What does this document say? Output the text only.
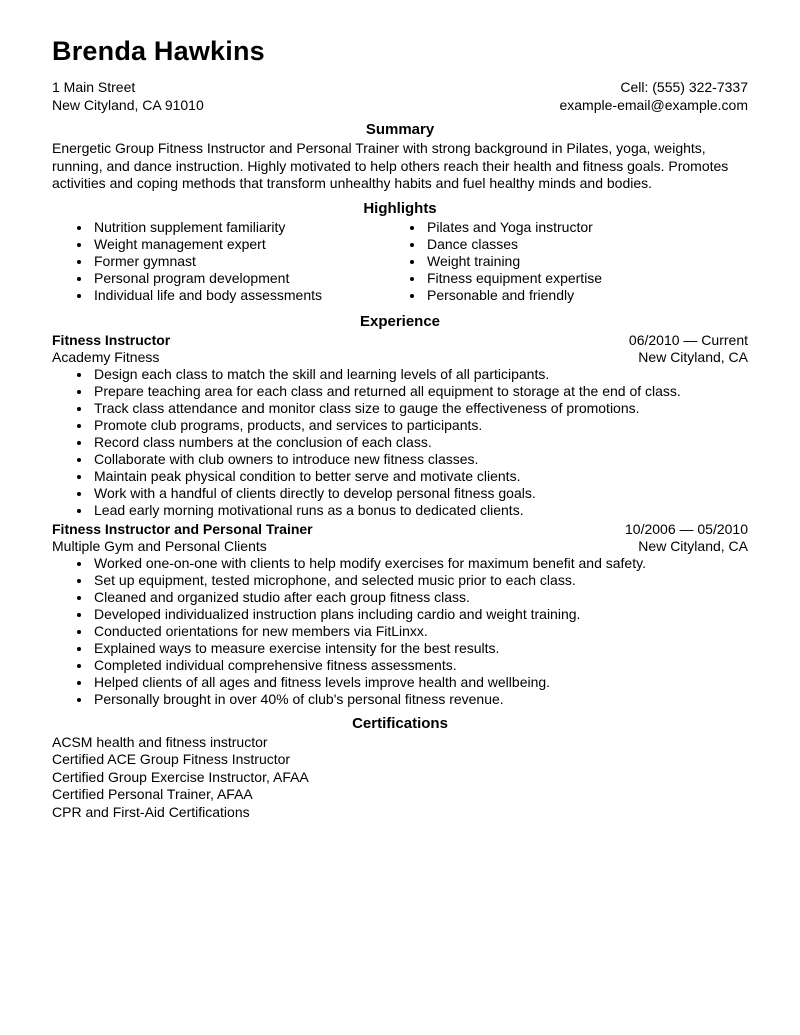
Brenda Hawkins
1 Main Street
New Cityland, CA 91010
Cell: (555) 322-7337
example-email@example.com
Summary

Energetic Group Fitness Instructor and Personal Trainer with strong background in Pilates, yoga, weights, running, and dance instruction. Highly motivated to help others reach their health and fitness goals. Promotes activities and coping methods that transform unhealthy habits and fuel healthy minds and bodies.

Highlights
• Nutrition supplement familiarity
• Weight management expert
• Former gymnast
• Personal program development
• Individual life and body assessments
• Pilates and Yoga instructor
• Dance classes
• Weight training
• Fitness equipment expertise
• Personable and friendly
Experience
Fitness Instructor	06/2010 — Current
Academy Fitness	New Cityland, CA
• Design each class to match the skill and learning levels of all participants.
• Prepare teaching area for each class and returned all equipment to storage at the end of class.
• Track class attendance and monitor class size to gauge the effectiveness of promotions.
• Promote club programs, products, and services to participants.
• Record class numbers at the conclusion of each class.
• Collaborate with club owners to introduce new fitness classes.
• Maintain peak physical condition to better serve and motivate clients.
• Work with a handful of clients directly to develop personal fitness goals.
• Lead early morning motivational runs as a bonus to dedicated clients.
Fitness Instructor and Personal Trainer	10/2006 — 05/2010
Multiple Gym and Personal Clients	New Cityland, CA
• Worked one-on-one with clients to help modify exercises for maximum benefit and safety.
• Set up equipment, tested microphone, and selected music prior to each class.
• Cleaned and organized studio after each group fitness class.
• Developed individualized instruction plans including cardio and weight training.
• Conducted orientations for new members via FitLinxx.
• Explained ways to measure exercise intensity for the best results.
• Completed individual comprehensive fitness assessments.
• Helped clients of all ages and fitness levels improve health and wellbeing.
• Personally brought in over 40% of club's personal fitness revenue.
Certifications
ACSM health and fitness instructor
Certified ACE Group Fitness Instructor
Certified Group Exercise Instructor, AFAA
Certified Personal Trainer, AFAA
CPR and First-Aid Certifications
